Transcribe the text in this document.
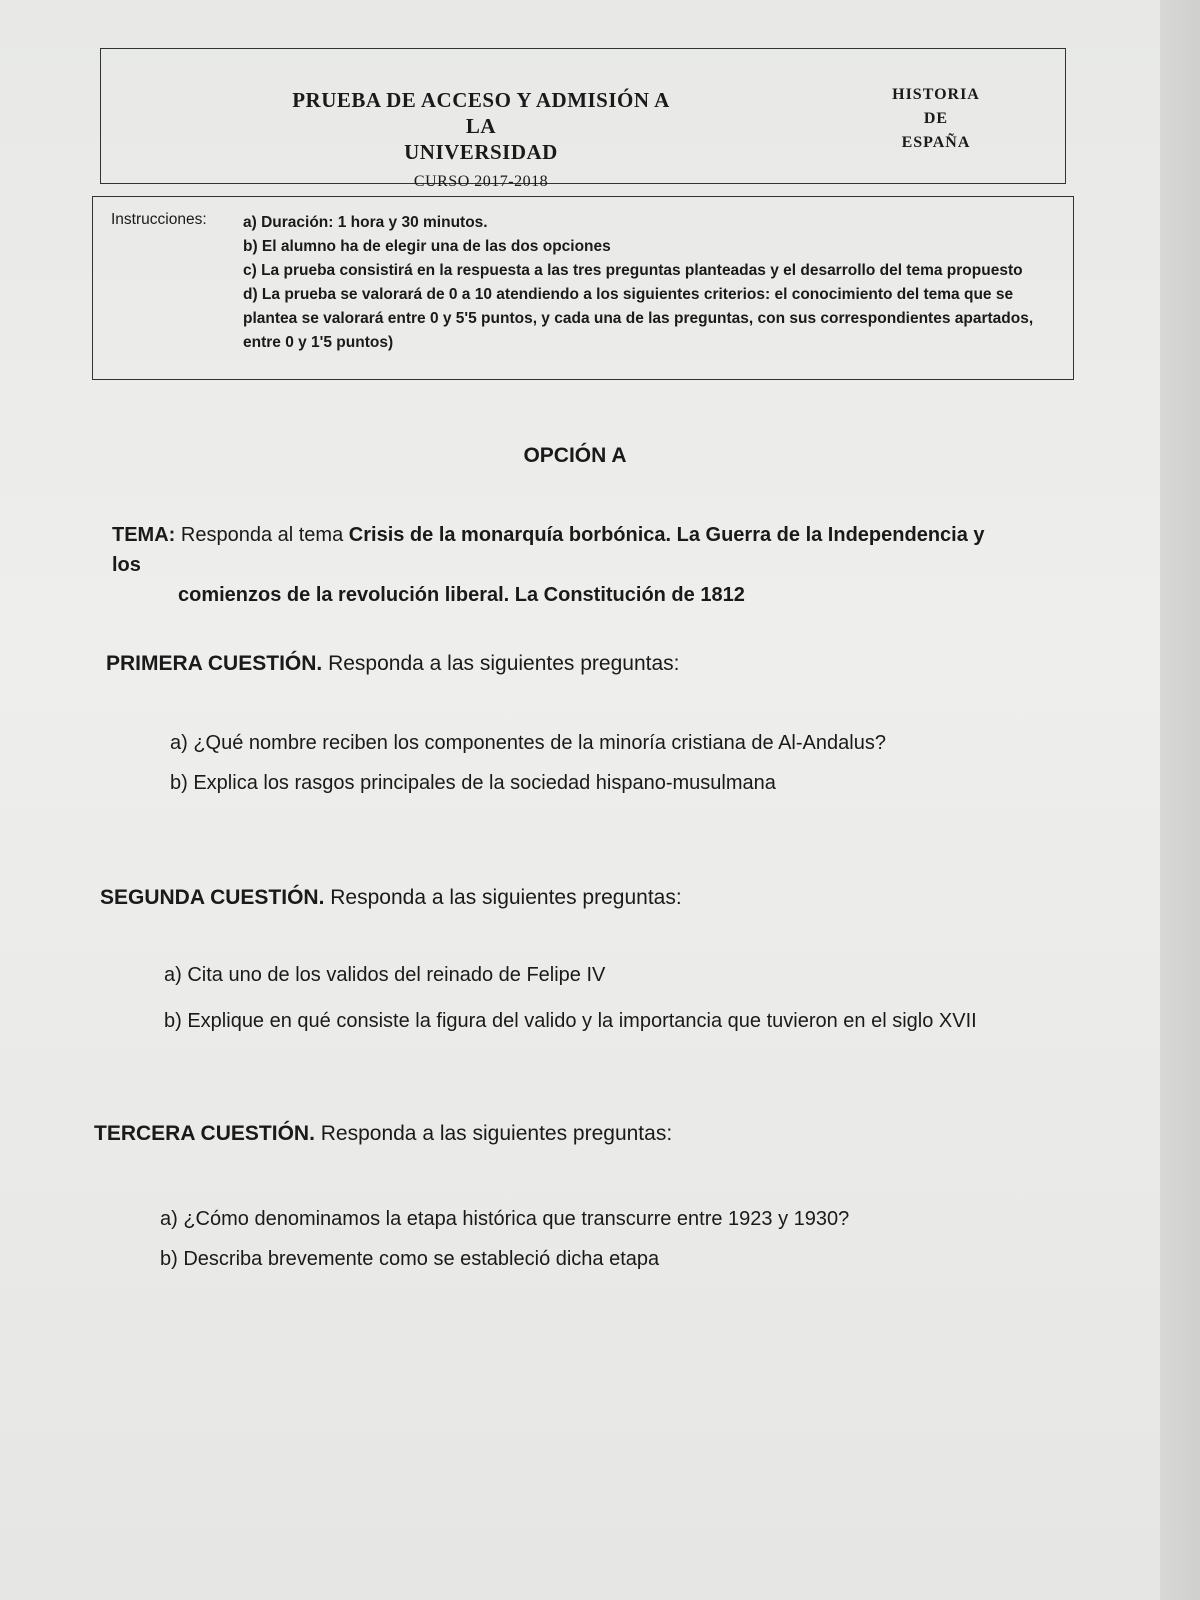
PRUEBA DE ACCESO Y ADMISIÓN A LA
UNIVERSIDAD
CURSO 2017-2018
HISTORIA
DE
ESPAÑA
Instrucciones: a) Duración: 1 hora y 30 minutos.
b) El alumno ha de elegir una de las dos opciones
c) La prueba consistirá en la respuesta a las tres preguntas planteadas y el desarrollo del tema propuesto
d) La prueba se valorará de 0 a 10 atendiendo a los siguientes criterios: el conocimiento del tema que se
plantea se valorará entre 0 y 5'5 puntos, y cada una de las preguntas, con sus correspondientes apartados,
entre 0 y 1'5 puntos)
OPCIÓN A
TEMA: Responda al tema Crisis de la monarquía borbónica. La Guerra de la Independencia y los
comienzos de la revolución liberal. La Constitución de 1812
PRIMERA CUESTIÓN. Responda a las siguientes preguntas:
a) ¿Qué nombre reciben los componentes de la minoría cristiana de Al-Andalus?
b) Explica los rasgos principales de la sociedad hispano-musulmana
SEGUNDA CUESTIÓN. Responda a las siguientes preguntas:
a) Cita uno de los validos del reinado de Felipe IV
b) Explique en qué consiste la figura del valido y la importancia que tuvieron en el siglo XVII
TERCERA CUESTIÓN. Responda a las siguientes preguntas:
a) ¿Cómo denominamos la etapa histórica que transcurre entre 1923 y 1930?
b) Describa brevemente como se estableció dicha etapa
